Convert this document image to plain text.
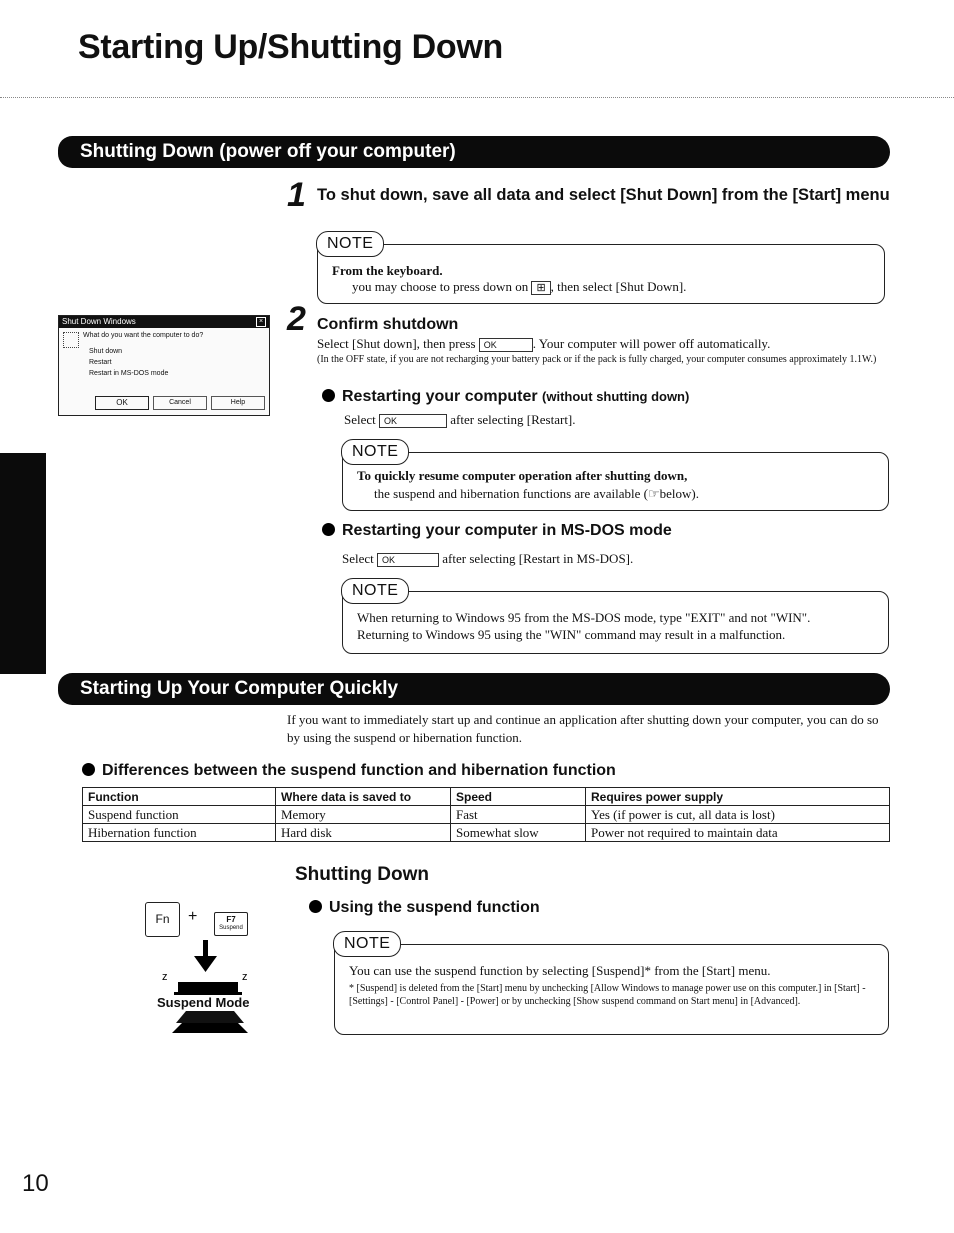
Starting Up/Shutting Down
Shutting Down (power off your computer)
1 To shut down, save all data and select [Shut Down] from the [Start] menu
NOTE
From the keyboard.
you may choose to press down on ⊞ , then select [Shut Down].
Shut Down Windows	×
What do you want the computer to do?
Shut down
Restart
Restart in MS-DOS mode
OK	Cancel	Help
2 Confirm shutdown
Select [Shut down], then press OK	. Your computer will power off automatically.
(In the OFF state, if you are not recharging your battery pack or if the pack is fully charged, your computer consumes approximately 1.1W.)
Restarting your computer (without shutting down)
Select OK	after selecting [Restart].
NOTE
To quickly resume computer operation after shutting down,
the suspend and hibernation functions are available (☞below).
Restarting your computer in MS-DOS mode
Select OK	after selecting [Restart in MS-DOS].
NOTE
When returning to Windows 95 from the MS-DOS mode, type "EXIT" and not "WIN".
Returning to Windows 95 using the "WIN" command may result in a malfunction.
Starting Up Your Computer Quickly
If you want to immediately start up and continue an application after shutting down your computer, you can do so by using the suspend or hibernation function.
Differences between the suspend function and hibernation function
Function	Where data is saved to	Speed	Requires power supply
Suspend function	Memory	Fast	Yes (if power is cut, all data is lost)
Hibernation function	Hard disk	Somewhat slow	Power not required to maintain data
Shutting Down
Using the suspend function
Fn	+	F7
Suspend
z	z
Suspend Mode
NOTE
You can use the suspend function by selecting [Suspend]* from the [Start] menu.
* [Suspend] is deleted from the [Start] menu by unchecking [Allow Windows to manage power use on this computer.] in [Start] - [Settings] - [Control Panel] - [Power] or by unchecking [Show suspend command on Start menu] in [Advanced].
10
